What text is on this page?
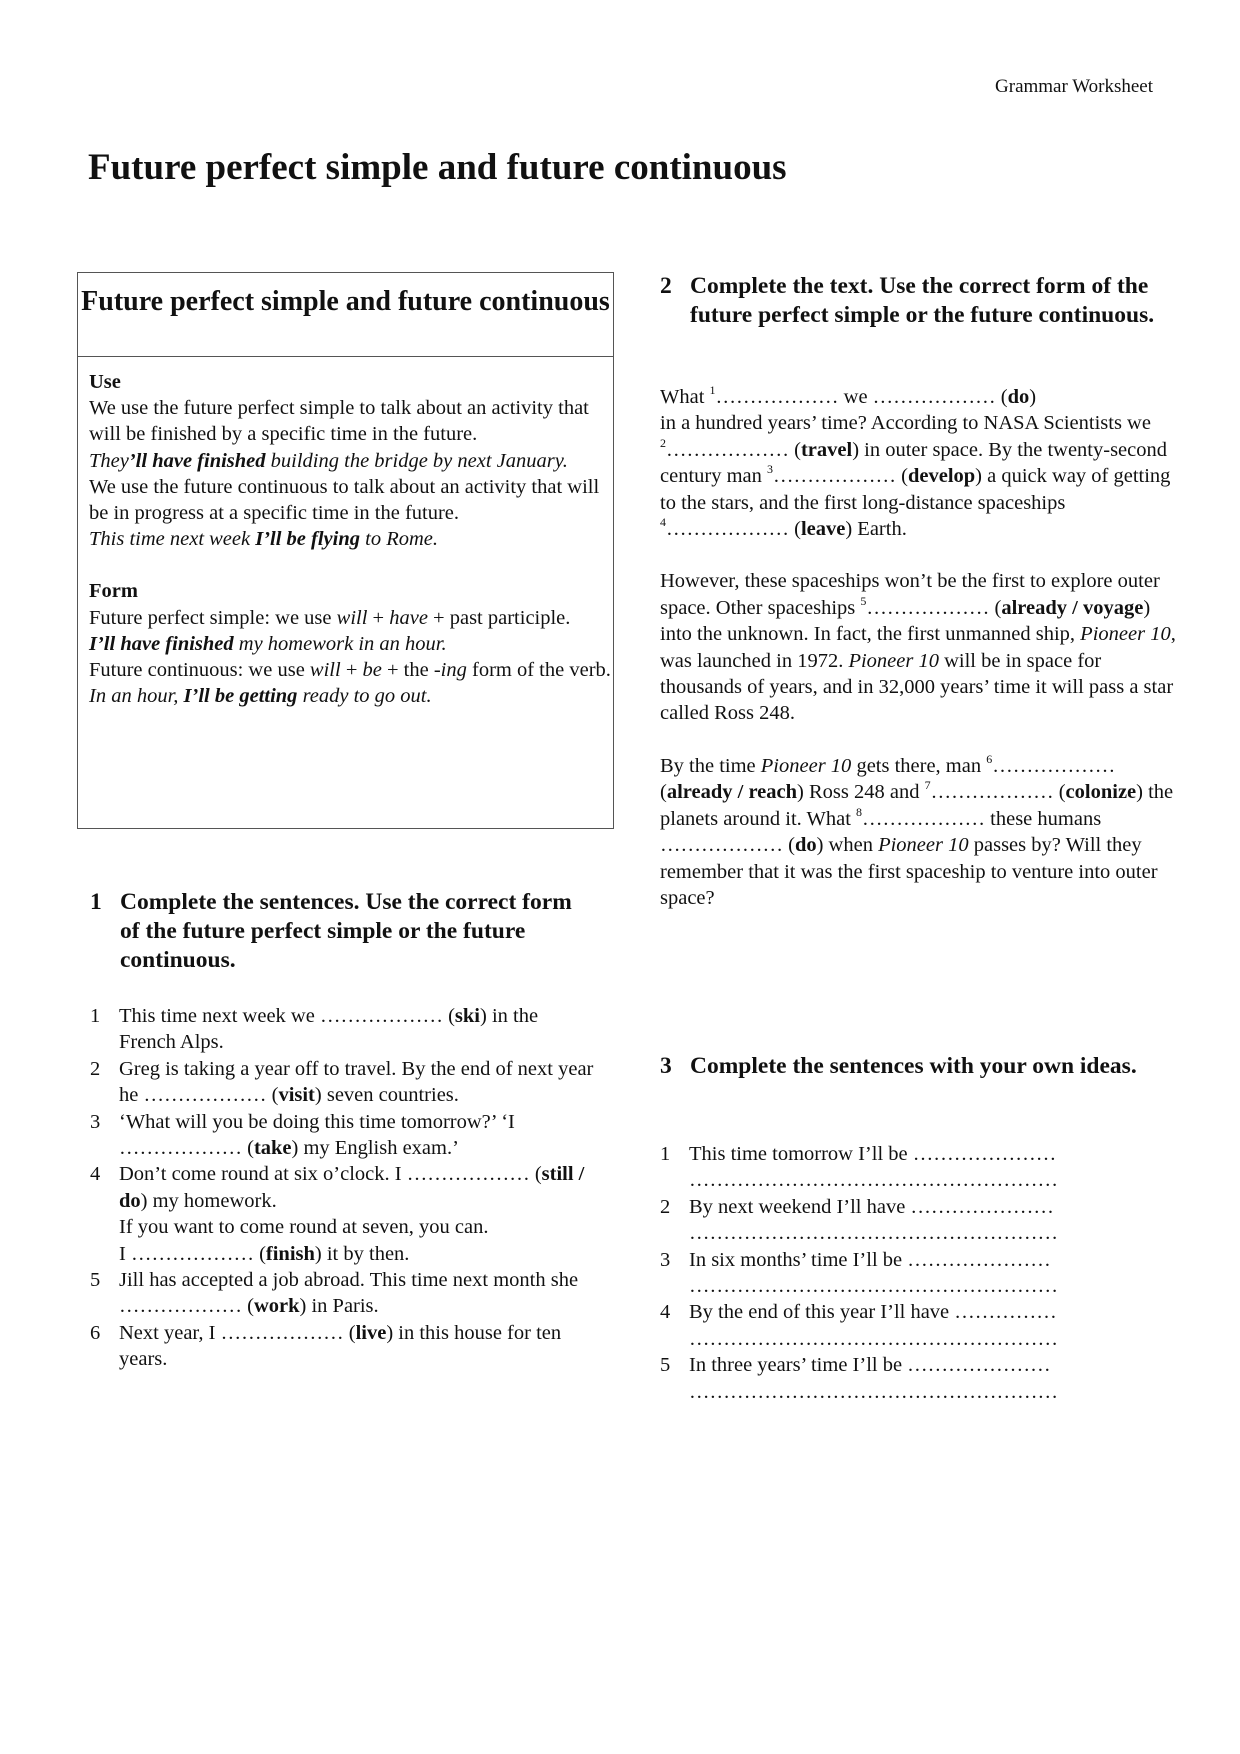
Grammar Worksheet
Future perfect simple and future continuous
Future perfect simple and future continuous

Use

We use the future perfect simple to talk about an activity that will be finished by a specific time in the future.

They’ll have finished building the bridge by next January.

We use the future continuous to talk about an activity that will be in progress at a specific time in the future.

This time next week I’ll be flying to Rome.

Form

Future perfect simple: we use will + have + past participle.

I’ll have finished my homework in an hour.

Future continuous: we use will + be + the -ing form of the verb.

In an hour, I’ll be getting ready to go out.

1 Complete the sentences. Use the correct form of the future perfect simple or the future continuous.
1 This time next week we ……………… (ski) in the French Alps.
2 Greg is taking a year off to travel. By the end of next year he ……………… (visit) seven countries.
3 ‘What will you be doing this time tomorrow?’ ‘I ……………… (take) my English exam.’
4 Don’t come round at six o’clock. I ……………… (still / do) my homework.
If you want to come round at seven, you can.
I ……………… (finish) it by then.
5 Jill has accepted a job abroad. This time next month she ……………… (work) in Paris.
6 Next year, I ……………… (live) in this house for ten years.
2 Complete the text. Use the correct form of the future perfect simple or the future continuous.

What $^1$……………… we ……………… (do)
in a hundred years’ time? According to NASA Scientists we $^2$……………… (travel) in outer space. By the twenty-second century man $^3$……………… (develop) a quick way of getting to the stars, and the first long-distance spaceships $^4$……………… (leave) Earth.

However, these spaceships won’t be the first to explore outer space. Other spaceships $^5$……………… (already / voyage) into the unknown. In fact, the first unmanned ship, Pioneer 10, was launched in 1972. Pioneer 10 will be in space for thousands of years, and in 32,000 years’ time it will pass a star called Ross 248.

By the time Pioneer 10 gets there, man $^6$……………… (already / reach) Ross 248 and $^7$……………… (colonize) the planets around it. What $^8$……………… these humans ……………… (do) when Pioneer 10 passes by? Will they remember that it was the first spaceship to venture into outer space?

3 Complete the sentences with your own ideas.
1 This time tomorrow I’ll be …………………
………………………………………………
2 By next weekend I’ll have …………………
………………………………………………
3 In six months’ time I’ll be …………………
………………………………………………
4 By the end of this year I’ll have ……………
………………………………………………
5 In three years’ time I’ll be …………………
………………………………………………
